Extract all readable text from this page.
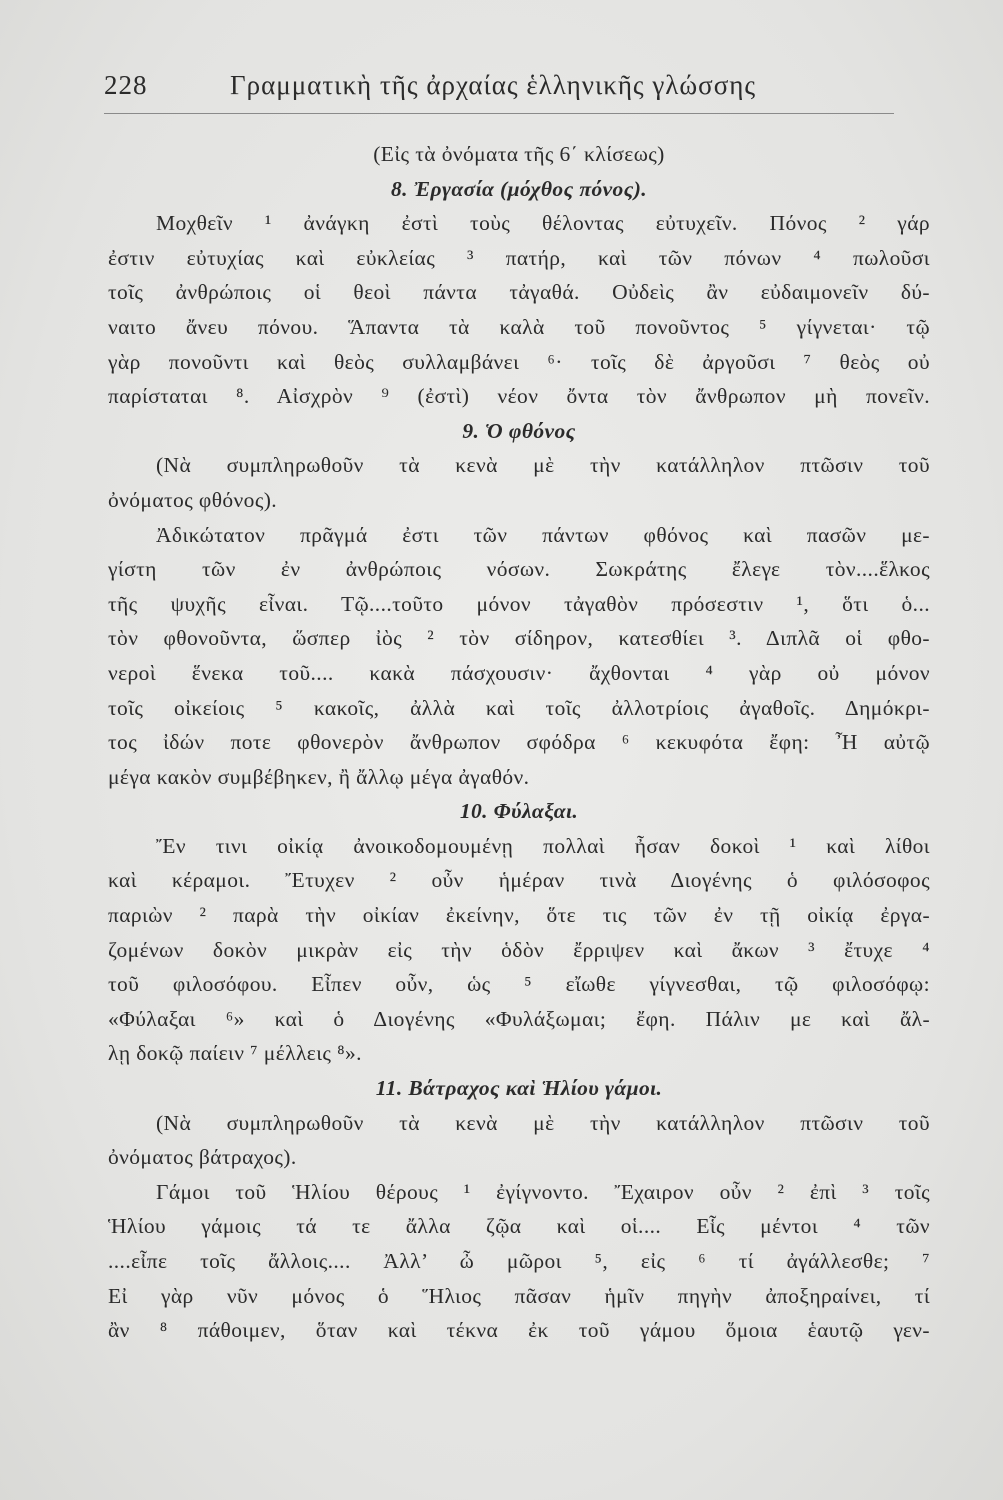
228	Γραμματικὴ τῆς ἀρχαίας ἑλληνικῆς γλώσσης
(Εἰς τὰ ὀνόματα τῆς 6΄ κλίσεως)
8. Ἐργασία (μόχθος πόνος).
Μοχθεῖν ¹ ἀνάγκη ἐστὶ τοὺς θέλοντας εὐτυχεῖν. Πόνος ² γάρ
ἐστιν εὐτυχίας καὶ εὐκλείας ³ πατήρ, καὶ τῶν πόνων ⁴ πωλοῦσι
τοῖς ἀνθρώποις οἱ θεοὶ πάντα τἀγαθά. Οὐδεὶς ἂν εὐδαιμονεῖν δύ-
ναιτο ἄνευ πόνου. Ἅπαντα τὰ καλὰ τοῦ πονοῦντος ⁵ γίγνεται· τῷ
γὰρ πονοῦντι καὶ θεὸς συλλαμβάνει ⁶· τοῖς δὲ ἀργοῦσι ⁷ θεὸς οὐ
παρίσταται ⁸. Αἰσχρὸν ⁹ (ἐστὶ) νέον ὄντα τὸν ἄνθρωπον μὴ πονεῖν.
9. Ὁ φθόνος
(Νὰ συμπληρωθοῦν τὰ κενὰ μὲ τὴν κατάλληλον πτῶσιν τοῦ
ὀνόματος φθόνος).
Ἀδικώτατον πρᾶγμά ἐστι τῶν πάντων φθόνος καὶ πασῶν με-
γίστη τῶν ἐν ἀνθρώποις νόσων. Σωκράτης ἔλεγε τὸν....ἕλκος
τῆς ψυχῆς εἶναι. Τῷ....τοῦτο μόνον τἀγαθὸν πρόσεστιν ¹, ὅτι ὁ...
τὸν φθονοῦντα, ὥσπερ ἰὸς ² τὸν σίδηρον, κατεσθίει ³. Διπλᾶ οἱ φθο-
νεροὶ ἕνεκα τοῦ.... κακὰ πάσχουσιν· ἄχθονται ⁴ γὰρ οὐ μόνον
τοῖς οἰκείοις ⁵ κακοῖς, ἀλλὰ καὶ τοῖς ἀλλοτρίοις ἀγαθοῖς. Δημόκρι-
τος ἰδών ποτε φθονερὸν ἄνθρωπον σφόδρα ⁶ κεκυφότα ἔφη: Ἦ αὐτῷ
μέγα κακὸν συμβέβηκεν, ἢ ἄλλῳ μέγα ἀγαθόν.
10. Φύλαξαι.
Ἔν τινι οἰκίᾳ ἀνοικοδομουμένῃ πολλαὶ ἦσαν δοκοὶ ¹ καὶ λίθοι
καὶ κέραμοι. Ἔτυχεν ² οὖν ἡμέραν τινὰ Διογένης ὁ φιλόσοφος
παριὼν ² παρὰ τὴν οἰκίαν ἐκείνην, ὅτε τις τῶν ἐν τῇ οἰκίᾳ ἐργα-
ζομένων δοκὸν μικρὰν εἰς τὴν ὁδὸν ἔρριψεν καὶ ἄκων ³ ἔτυχε ⁴
τοῦ φιλοσόφου. Εἶπεν οὖν, ὡς ⁵ εἴωθε γίγνεσθαι, τῷ φιλοσόφῳ:
«Φύλαξαι ⁶» καὶ ὁ Διογένης «Φυλάξωμαι; ἔφη. Πάλιν με καὶ ἄλ-
λῃ δοκῷ παίειν ⁷ μέλλεις ⁸».
11. Βάτραχος καὶ Ἡλίου γάμοι.
(Νὰ συμπληρωθοῦν τὰ κενὰ μὲ τὴν κατάλληλον πτῶσιν τοῦ
ὀνόματος βάτραχος).
Γάμοι τοῦ Ἡλίου θέρους ¹ ἐγίγνοντο. Ἔχαιρον οὖν ² ἐπὶ ³ τοῖς
Ἡλίου γάμοις τά τε ἄλλα ζῷα καὶ οἱ.... Εἷς μέντοι ⁴ τῶν
....εἶπε τοῖς ἄλλοις.... Ἀλλ’ ὦ μῶροι ⁵, εἰς ⁶ τί ἀγάλλεσθε; ⁷
Εἰ γὰρ νῦν μόνος ὁ Ἥλιος πᾶσαν ἡμῖν πηγὴν ἀποξηραίνει, τί
ἂν ⁸ πάθοιμεν, ὅταν καὶ τέκνα ἐκ τοῦ γάμου ὅμοια ἑαυτῷ γεν-
